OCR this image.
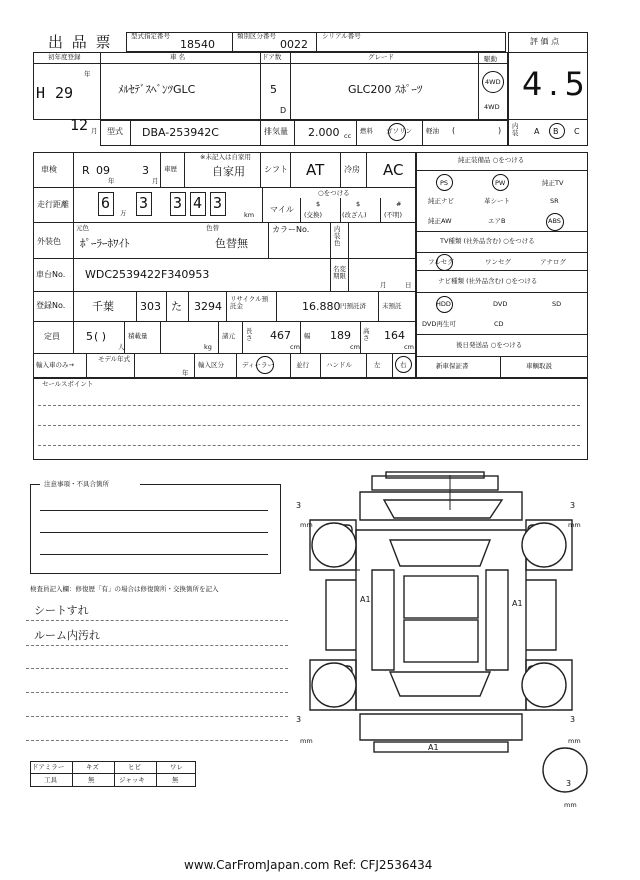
出 品 票	型式指定番号
18540
類別区分番号
0022
シリアル番号
評 価 点
4.5
内装	A B C
初年度登録
年
H 29
12 月
車 名
ﾒﾙｾﾃﾞｽﾍﾞﾝﾂGLC
ドア数
5
D
グレード
GLC200 ｽﾎﾟｰﾂ
駆動
4WD
4WD
型式 DBA-253942C	排気量 2.000 cc
燃料 ガソリン 軽油 (	)
車検 R 09
年
3
月
車歴
※未記入は自家用
自家用 シフト AT 冷房 AC
走行距離 6
万
3 3 4 3
km
○をつける
マイル
$
(交換)
$
(改ざん)
#
(不明)
外装色
元色
ﾎﾟｰﾗｰﾎﾜｲﾄ
色替
色替無
カラーNo.	内装色
車台No. WDC2539422F340953	名変期限
月	日
登録No. 千葉 303 た 3294
リサイクル預託金	16.880 円預託済 未預託
定員 5 ( )
人
積載量
kg
諸元
長さ 467
cm
幅 189
cm
高さ 164
cm
輸入車のみ→
モデル年式
年
輸入区分	ディーラー	並行	ハンドル	左	右
純正装備品 ○をつける
PS	PW	純正TV
純正ナビ	革シート	SR
純正AW	エアB	ABS
TV種類 (社外品含む) ○をつける
フルセグ	ワンセグ	アナログ
ナビ種類 (社外品含む) ○をつける
HDD	DVD	SD
DVD再生可	CD
後日発送品 ○をつける
新車保証書	車輌取説
セールスポイント
注意事項・不具合箇所
検査員記入欄：修復歴「有」の場合は修復箇所・交換箇所を記入
シートすれ
ルーム内汚れ
ドアミラー	キズ	ヒビ	ワレ
工具	無	ジャッキ	無
A1	A1
A1
3
mm
3
mm
3
mm
3
mm
3
mm
www.CarFromJapan.com Ref: CFJ2536434
